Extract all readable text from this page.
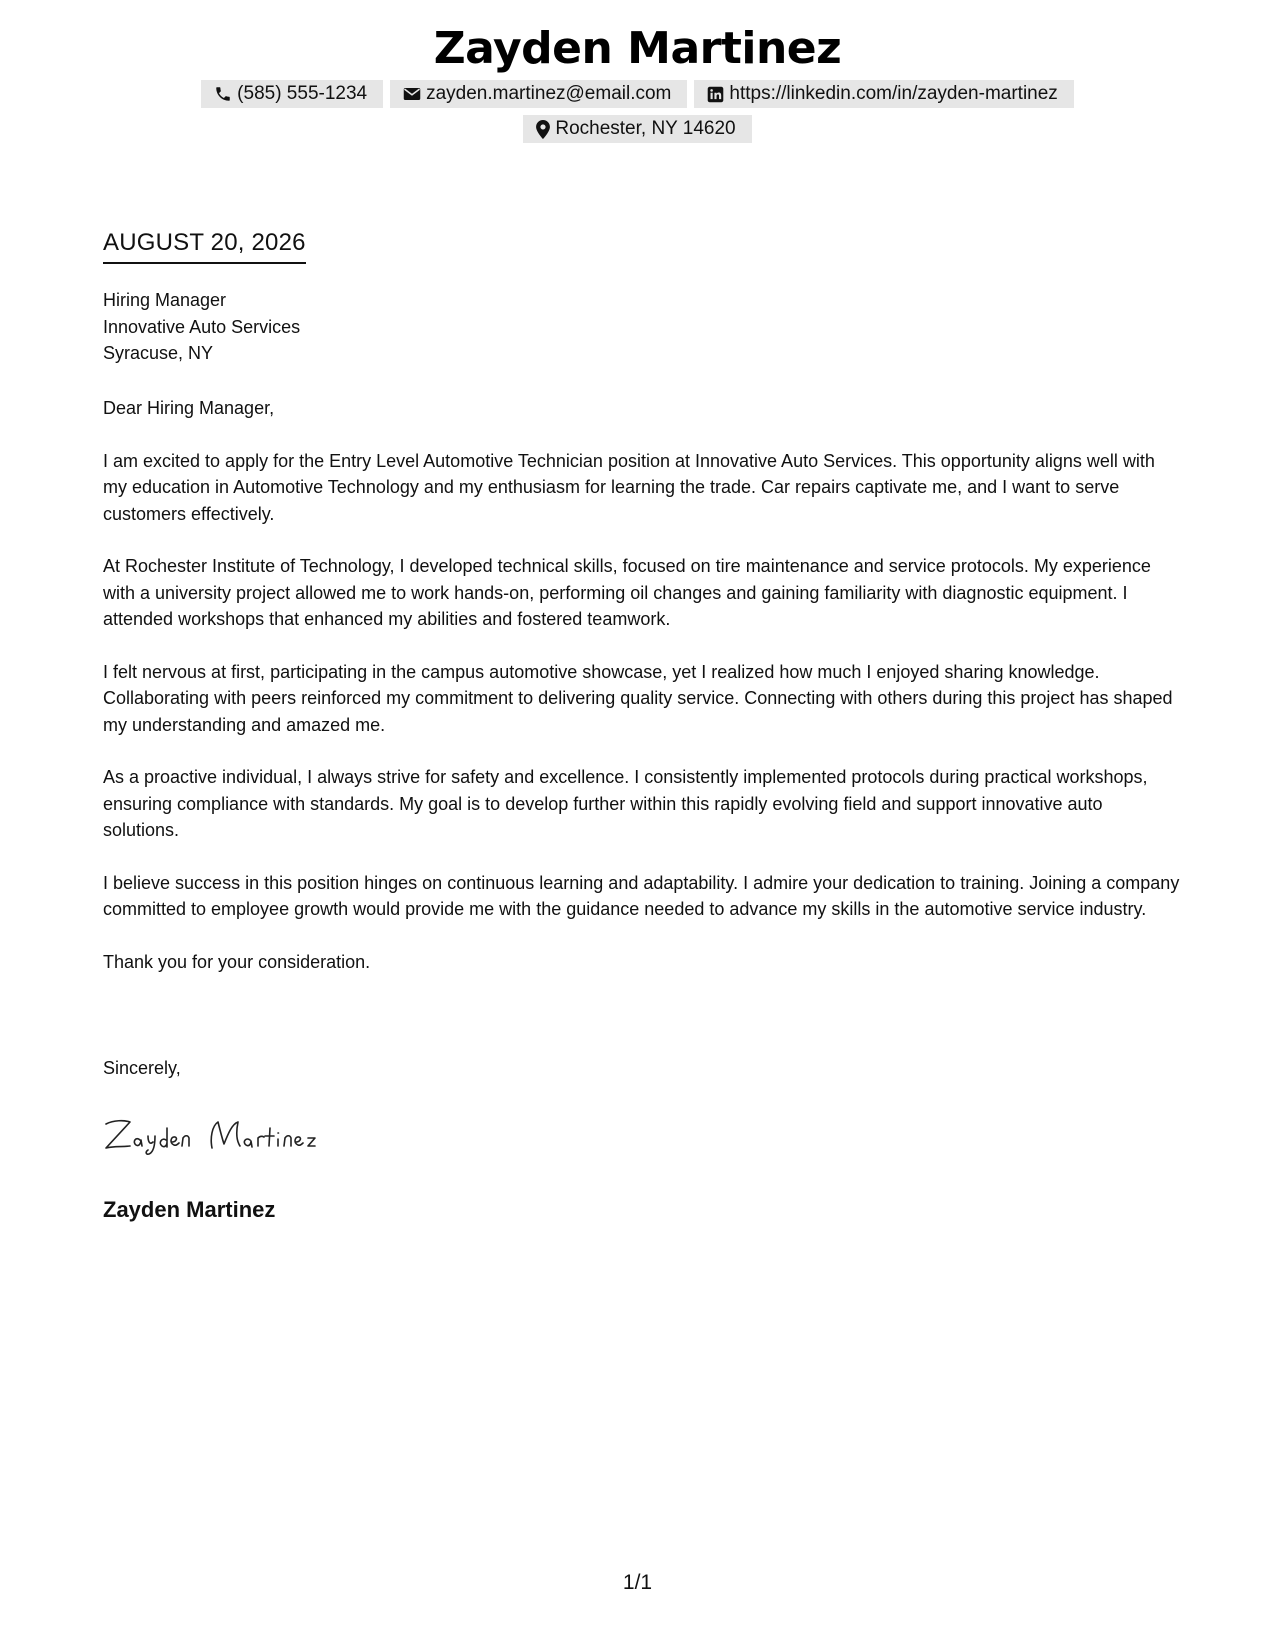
Zayden Martinez
(585) 555-1234	zayden.martinez@email.com	https://linkedin.com/in/zayden-martinez
Rochester, NY 14620
AUGUST 20, 2026
Hiring Manager
Innovative Auto Services
Syracuse, NY

Dear Hiring Manager,

I am excited to apply for the Entry Level Automotive Technician position at Innovative Auto Services. This opportunity aligns well with my education in Automotive Technology and my enthusiasm for learning the trade. Car repairs captivate me, and I want to serve customers effectively.

At Rochester Institute of Technology, I developed technical skills, focused on tire maintenance and service protocols. My experience with a university project allowed me to work hands-on, performing oil changes and gaining familiarity with diagnostic equipment. I attended workshops that enhanced my abilities and fostered teamwork.

I felt nervous at first, participating in the campus automotive showcase, yet I realized how much I enjoyed sharing knowledge. Collaborating with peers reinforced my commitment to delivering quality service. Connecting with others during this project has shaped my understanding and amazed me.

As a proactive individual, I always strive for safety and excellence. I consistently implemented protocols during practical workshops, ensuring compliance with standards. My goal is to develop further within this rapidly evolving field and support innovative auto solutions.

I believe success in this position hinges on continuous learning and adaptability. I admire your dedication to training. Joining a company committed to employee growth would provide me with the guidance needed to advance my skills in the automotive service industry.

Thank you for your consideration.

Sincerely,
Zayden Martinez
1/1
